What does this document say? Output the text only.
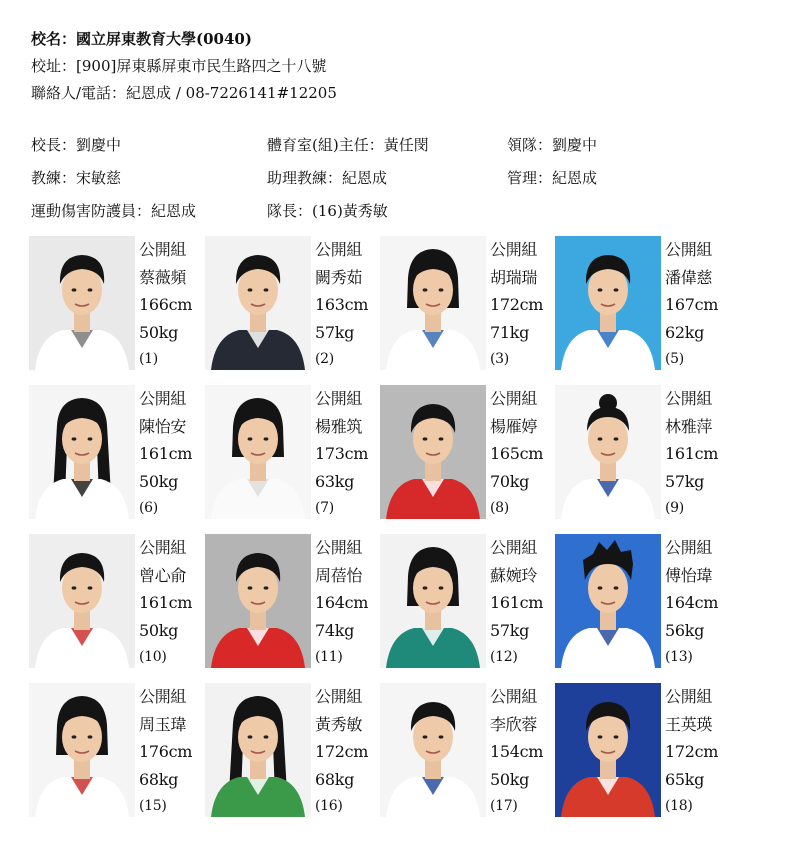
校名：國立屏東教育大學(0040)
校址：[900]屏東縣屏東市民生路四之十八號
聯絡人/電話：紀恩成 / 08-7226141#12205
校長：劉慶中	體育室(組)主任：黃任閔	領隊：劉慶中
教練：宋敏慈	助理教練：紀恩成	管理：紀恩成
運動傷害防護員：紀恩成	隊長：(16)黃秀敏
公開組
蔡薇頻
166cm
50kg
(1)
公開組
闕秀茹
163cm
57kg
(2)
公開組
胡瑞瑞
172cm
71kg
(3)
公開組
潘偉慈
167cm
62kg
(5)
公開組
陳怡安
161cm
50kg
(6)
公開組
楊雅筑
173cm
63kg
(7)
公開組
楊雁婷
165cm
70kg
(8)
公開組
林雅萍
161cm
57kg
(9)
公開組
曾心俞
161cm
50kg
(10)
公開組
周蓓怡
164cm
74kg
(11)
公開組
蘇婉玲
161cm
57kg
(12)
公開組
傅怡瑋
164cm
56kg
(13)
公開組
周玉瑋
176cm
68kg
(15)
公開組
黃秀敏
172cm
68kg
(16)
公開組
李欣蓉
154cm
50kg
(17)
公開組
王英瑛
172cm
65kg
(18)
